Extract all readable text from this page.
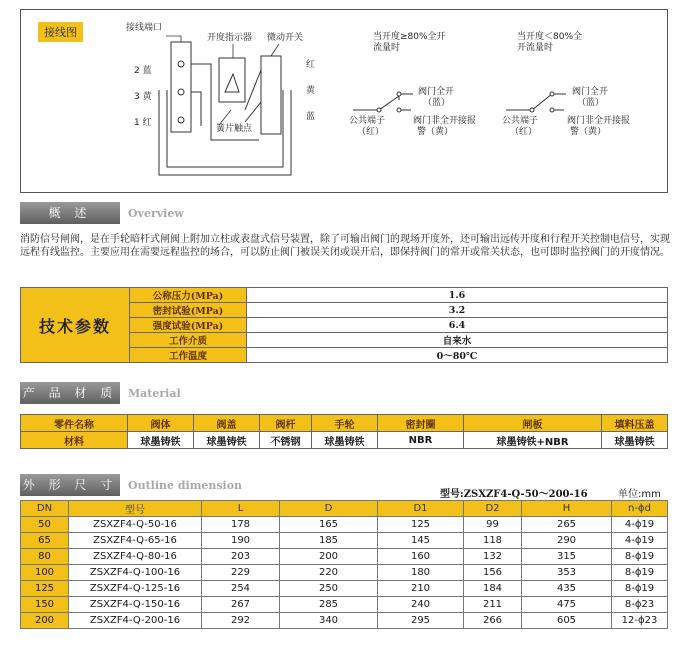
接线图	接线端口
开度指示器 微动开关
簧片触点
2 蓝
3 黄
1 红
红
黄
蓝
当开度≥80%全开
流量时
阀门全开
（蓝）
公共端子
（红）
阀门非全开接报
警（黄）
当开度＜80%全
开流量时
阀门全开
（蓝）
公共端子
（红）
阀门非全开接报
警（黄）
概 述	Overview
消防信号闸阀，是在手轮暗杆式闸阀上附加立柱或表盘式信号装置，除了可输出阀门的现场开度外，还可输出远传开度和行程开关控制电信号，实现远程有线监控。主要应用在需要远程监控的场合，可以防止阀门被误关闭或误开启，即保持阀门的常开或常关状态，也可即时监控阀门的开度情况。
技术参数	公称压力(MPa)	1.6
	密封试验(MPa)	3.2
	强度试验(MPa)	6.4
	工作介质	自来水
	工作温度	0～80℃
产 品 材 质 Material
零件名称	阀体	阀盖	阀杆	手轮	密封圈	闸板	填料压盖
材料	球墨铸铁	球墨铸铁	不锈钢	球墨铸铁	NBR	球墨铸铁+NBR	球墨铸铁
外 形 尺 寸 Outline dimension
型号:ZSXZF4-Q-50～200-16	单位:mm
DN	型号	L	D	D1	D2	H	n-ϕd
50	ZSXZF4-Q-50-16	178	165	125	99	265	4-ϕ19
65	ZSXZF4-Q-65-16	190	185	145	118	290	4-ϕ19
80	ZSXZF4-Q-80-16	203	200	160	132	315	8-ϕ19
100	ZSXZF4-Q-100-16	229	220	180	156	353	8-ϕ19
125	ZSXZF4-Q-125-16	254	250	210	184	435	8-ϕ19
150	ZSXZF4-Q-150-16	267	285	240	211	475	8-ϕ23
200	ZSXZF4-Q-200-16	292	340	295	266	605	12-ϕ23
